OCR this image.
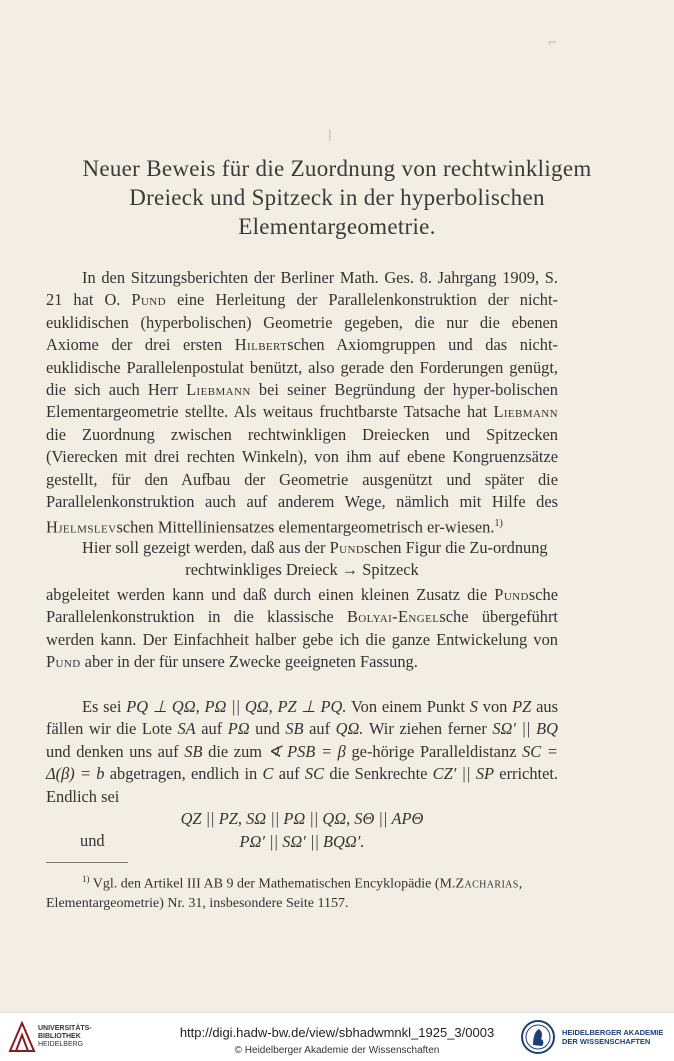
⌐
|
Neuer Beweis für die Zuordnung von rechtwinkligem
Dreieck und Spitzeck in der hyperbolischen
Elementargeometrie.
In den Sitzungsberichten der Berliner Math. Ges. 8. Jahrgang 1909, S. 21 hat O. Pund eine Herleitung der Parallelenkonstruktion der nicht-euklidischen (hyperbolischen) Geometrie gegeben, die nur die ebenen Axiome der drei ersten Hilbertschen Axiomgruppen und das nicht-euklidische Parallelenpostulat benützt, also gerade den Forderungen genügt, die sich auch Herr Liebmann bei seiner Begründung der hyper-bolischen Elementargeometrie stellte. Als weitaus fruchtbarste Tatsache hat Liebmann die Zuordnung zwischen rechtwinkligen Dreiecken und Spitzecken (Vierecken mit drei rechten Winkeln), von ihm auf ebene Kongruenzsätze gestellt, für den Aufbau der Geometrie ausgenützt und später die Parallelenkonstruktion auch auf anderem Wege, nämlich mit Hilfe des Hjelmslevschen Mittelliniensatzes elementargeometrisch er-wiesen.$^{1)}$
Hier soll gezeigt werden, daß aus der Pundschen Figur die Zu-ordnung
rechtwinkliges Dreieck → Spitzeck
abgeleitet werden kann und daß durch einen kleinen Zusatz die Pundsche Parallelenkonstruktion in die klassische Bolyai-Engelsche übergeführt werden kann. Der Einfachheit halber gebe ich die ganze Entwickelung von Pund aber in der für unsere Zwecke geeigneten Fassung.
Es sei PQ ⊥ QΩ, PΩ || QΩ, PZ ⊥ PQ. Von einem Punkt S von PZ aus fällen wir die Lote SA auf PΩ und SB auf QΩ. Wir ziehen ferner SΩ′ || BQ und denken uns auf SB die zum ∢ PSB = β ge-hörige Paralleldistanz SC = Δ(β) = b abgetragen, endlich in C auf SC die Senkrechte CZ′ || SP errichtet. Endlich sei
QZ || PZ, SΩ || PΩ || QΩ, SΘ || APΘ
und	PΩ′ || SΩ′ || BQΩ′.
$^{1)}$ Vgl. den Artikel III AB 9 der Mathematischen Encyklopädie (M.Zacharias, Elementargeometrie) Nr. 31, insbesondere Seite 1157.
UNIVERSITÄTS-
BIBLIOTHEK
HEIDELBERG
http://digi.hadw-bw.de/view/sbhadwmnkl_1925_3/0003
© Heidelberger Akademie der Wissenschaften
HEIDELBERGER AKADEMIE
DER WISSENSCHAFTEN
